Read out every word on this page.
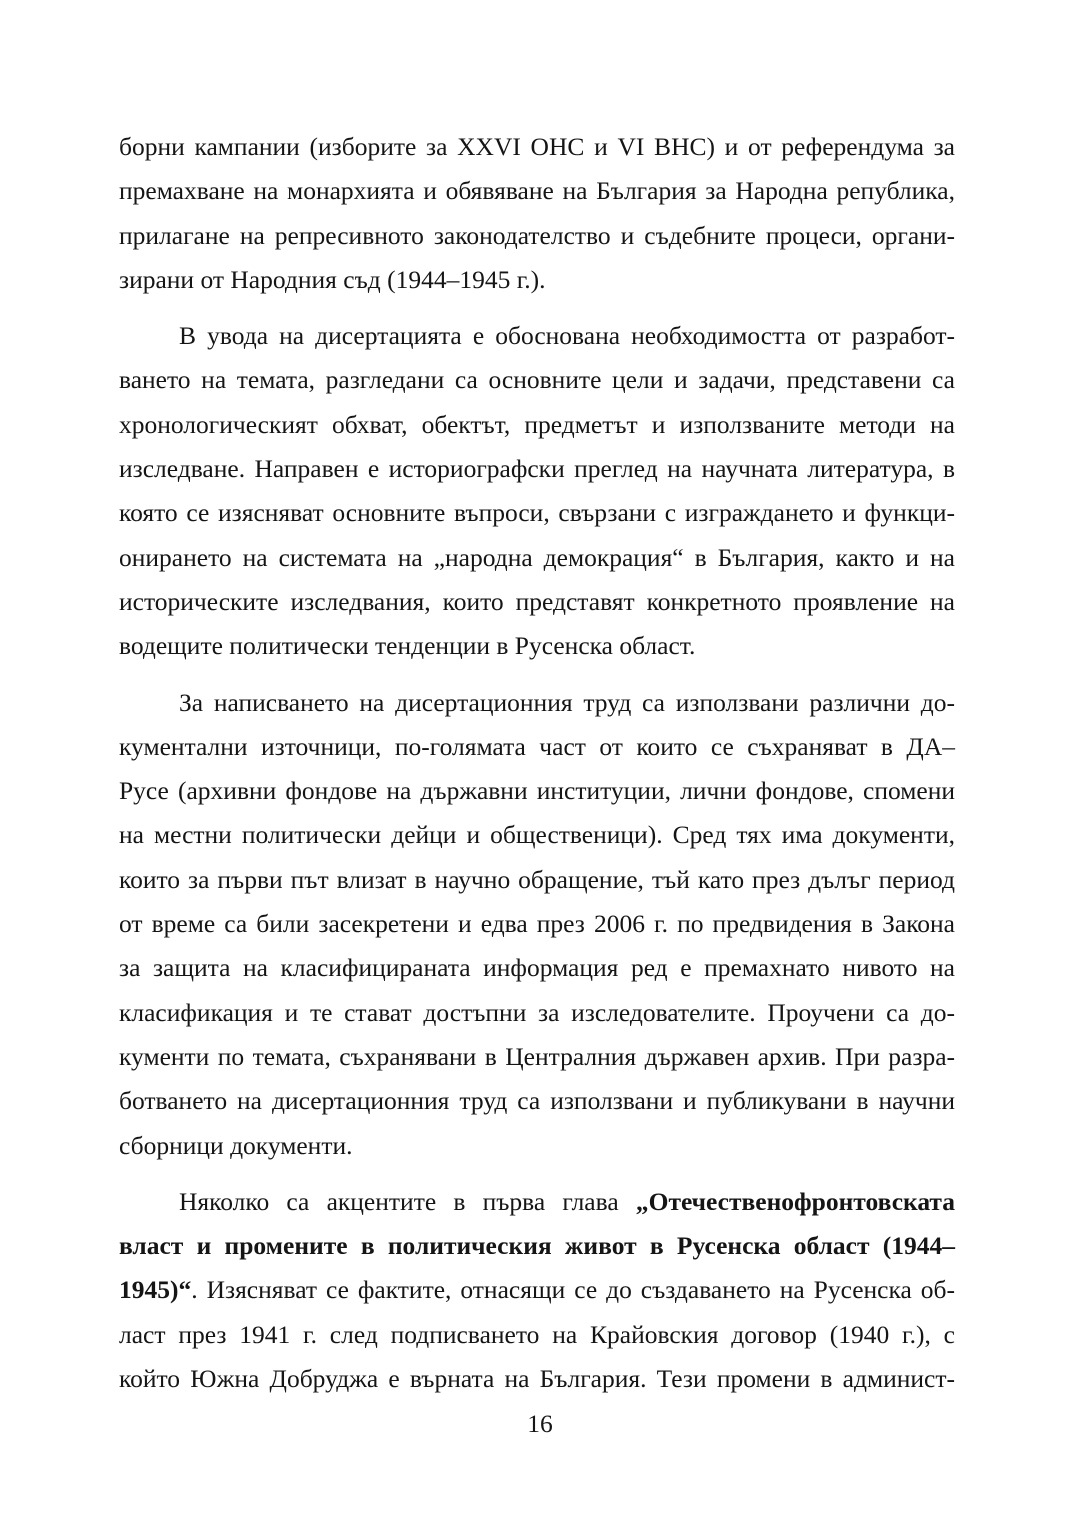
борни кампании (изборите за XXVI ОНС и VI ВНС) и от референдума за
премахване на монархията и обявяване на България за Народна република,
прилагане на репресивното законодателство и съдебните процеси, органи-
зирани от Народния съд (1944–1945 г.).
В увода на дисертацията е обоснована необходимостта от разработ-
ването на темата, разгледани са основните цели и задачи, представени са
хронологическият обхват, обектът, предметът и използваните методи на
изследване. Направен е историографски преглед на научната литература, в
която се изясняват основните въпроси, свързани с изграждането и функци-
онирането на системата на „народна демокрация“ в България, както и на
историческите изследвания, които представят конкретното проявление на
водещите политически тенденции в Русенска област.
За написването на дисертационния труд са използвани различни до-
кументални източници, по-голямата част от които се съхраняват в ДА–
Русе (архивни фондове на държавни институции, лични фондове, спомени
на местни политически дейци и общественици). Сред тях има документи,
които за първи път влизат в научно обращение, тъй като през дълъг период
от време са били засекретени и едва през 2006 г. по предвидения в Закона
за защита на класифицираната информация ред е премахнато нивото на
класификация и те стават достъпни за изследователите. Проучени са до-
кументи по темата, съхранявани в Централния държавен архив. При разра-
ботването на дисертационния труд са използвани и публикувани в научни
сборници документи.
Няколко са акцентите в първа глава „Отечественофронтовската
власт и промените в политическия живот в Русенска област (1944–
1945)“. Изясняват се фактите, отнасящи се до създаването на Русенска об-
ласт през 1941 г. след подписването на Крайовския договор (1940 г.), с
който Южна Добруджа е върната на България. Тези промени в админист-
16
